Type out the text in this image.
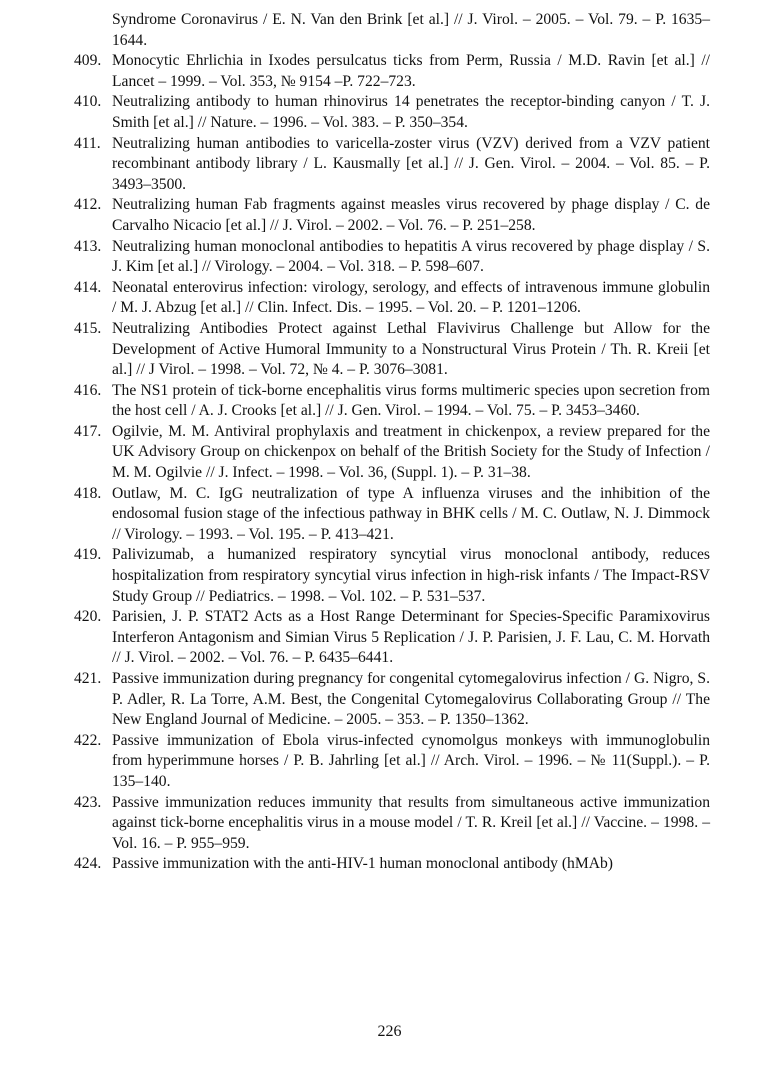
Syndrome Coronavirus / E. N. Van den Brink [et al.] // J. Virol. – 2005. – Vol. 79. – P. 1635–1644.
409. Monocytic Ehrlichia in Ixodes persulcatus ticks from Perm, Russia / M.D. Ravin [et al.] // Lancet – 1999. – Vol. 353, № 9154 –P. 722–723.
410. Neutralizing antibody to human rhinovirus 14 penetrates the receptor-binding canyon / T. J. Smith [et al.] // Nature. – 1996. – Vol. 383. – P. 350–354.
411. Neutralizing human antibodies to varicella-zoster virus (VZV) derived from a VZV patient recombinant antibody library / L. Kausmally [et al.] // J. Gen. Virol. – 2004. – Vol. 85. – P. 3493–3500.
412. Neutralizing human Fab fragments against measles virus recovered by phage display / C. de Carvalho Nicacio [et al.] // J. Virol. – 2002. – Vol. 76. – P. 251–258.
413. Neutralizing human monoclonal antibodies to hepatitis A virus recovered by phage display / S. J. Kim [et al.] // Virology. – 2004. – Vol. 318. – P. 598–607.
414. Neonatal enterovirus infection: virology, serology, and effects of intravenous immune globulin / M. J. Abzug [et al.] // Clin. Infect. Dis. – 1995. – Vol. 20. – P. 1201–1206.
415. Neutralizing Antibodies Protect against Lethal Flavivirus Challenge but Allow for the Development of Active Humoral Immunity to a Nonstructural Virus Protein / Th. R. Kreii [et al.] // J Virol. – 1998. – Vol. 72, № 4. – P. 3076–3081.
416. The NS1 protein of tick-borne encephalitis virus forms multimeric species upon secretion from the host cell / A. J. Crooks [et al.] // J. Gen. Virol. – 1994. – Vol. 75. – P. 3453–3460.
417. Ogilvie, M. M. Antiviral prophylaxis and treatment in chickenpox, a review prepared for the UK Advisory Group on chickenpox on behalf of the British Society for the Study of Infection / M. M. Ogilvie // J. Infect. – 1998. – Vol. 36, (Suppl. 1). – P. 31–38.
418. Outlaw, M. C. IgG neutralization of type A influenza viruses and the inhibition of the endosomal fusion stage of the infectious pathway in BHK cells / M. C. Outlaw, N. J. Dimmock // Virology. – 1993. – Vol. 195. – P. 413–421.
419. Palivizumab, a humanized respiratory syncytial virus monoclonal antibody, reduces hospitalization from respiratory syncytial virus infection in high-risk infants / The Impact-RSV Study Group // Pediatrics. – 1998. – Vol. 102. – P. 531–537.
420. Parisien, J. P. STAT2 Acts as a Host Range Determinant for Species-Specific Paramixovirus Interferon Antagonism and Simian Virus 5 Replication / J. P. Parisien, J. F. Lau, C. M. Horvath // J. Virol. – 2002. – Vol. 76. – P. 6435–6441.
421. Passive immunization during pregnancy for congenital cytomegalovirus infection / G. Nigro, S. P. Adler, R. La Torre, A.M. Best, the Congenital Cytomegalovirus Collaborating Group // The New England Journal of Medicine. – 2005. – 353. – P. 1350–1362.
422. Passive immunization of Ebola virus-infected cynomolgus monkeys with immunoglobulin from hyperimmune horses / P. B. Jahrling [et al.] // Arch. Virol. – 1996. – № 11(Suppl.). – P. 135–140.
423. Passive immunization reduces immunity that results from simultaneous active immunization against tick-borne encephalitis virus in a mouse model / T. R. Kreil [et al.] // Vaccine. – 1998. – Vol. 16. – P. 955–959.
424. Passive immunization with the anti-HIV-1 human monoclonal antibody (hMAb)
226
